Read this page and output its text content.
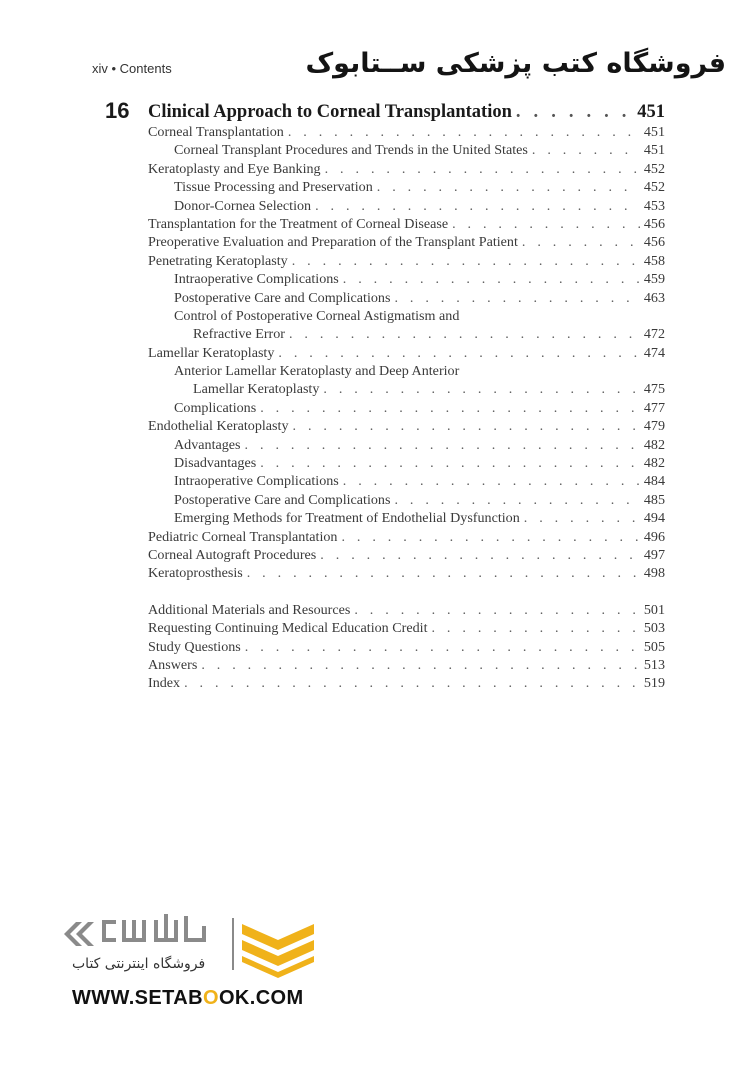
xiv • Contents	فروشگاه کتب پزشکی ســتابوک
16 Clinical Approach to Corneal Transplantation . . .	451
Corneal Transplantation . . .	451
Corneal Transplant Procedures and Trends in the United States . . .	451
Keratoplasty and Eye Banking . . .	452
Tissue Processing and Preservation . . .	452
Donor-Cornea Selection . . .	453
Transplantation for the Treatment of Corneal Disease . . .	456
Preoperative Evaluation and Preparation of the Transplant Patient . . .	456
Penetrating Keratoplasty . . .	458
Intraoperative Complications . . .	459
Postoperative Care and Complications . . .	463
Control of Postoperative Corneal Astigmatism and
Refractive Error . . .	472
Lamellar Keratoplasty . . .	474
Anterior Lamellar Keratoplasty and Deep Anterior
Lamellar Keratoplasty . . .	475
Complications . . .	477
Endothelial Keratoplasty . . .	479
Advantages . . .	482
Disadvantages . . .	482
Intraoperative Complications . . .	484
Postoperative Care and Complications . . .	485
Emerging Methods for Treatment of Endothelial Dysfunction . . .	494
Pediatric Corneal Transplantation . . .	496
Corneal Autograft Procedures . . .	497
Keratoprosthesis . . .	498
Additional Materials and Resources . . .	501
Requesting Continuing Medical Education Credit . . .	503
Study Questions . . .	505
Answers . . .	513
Index . . .	519
فروشگاه اینترنتی کتاب
WWW.SETABOOK.COM
